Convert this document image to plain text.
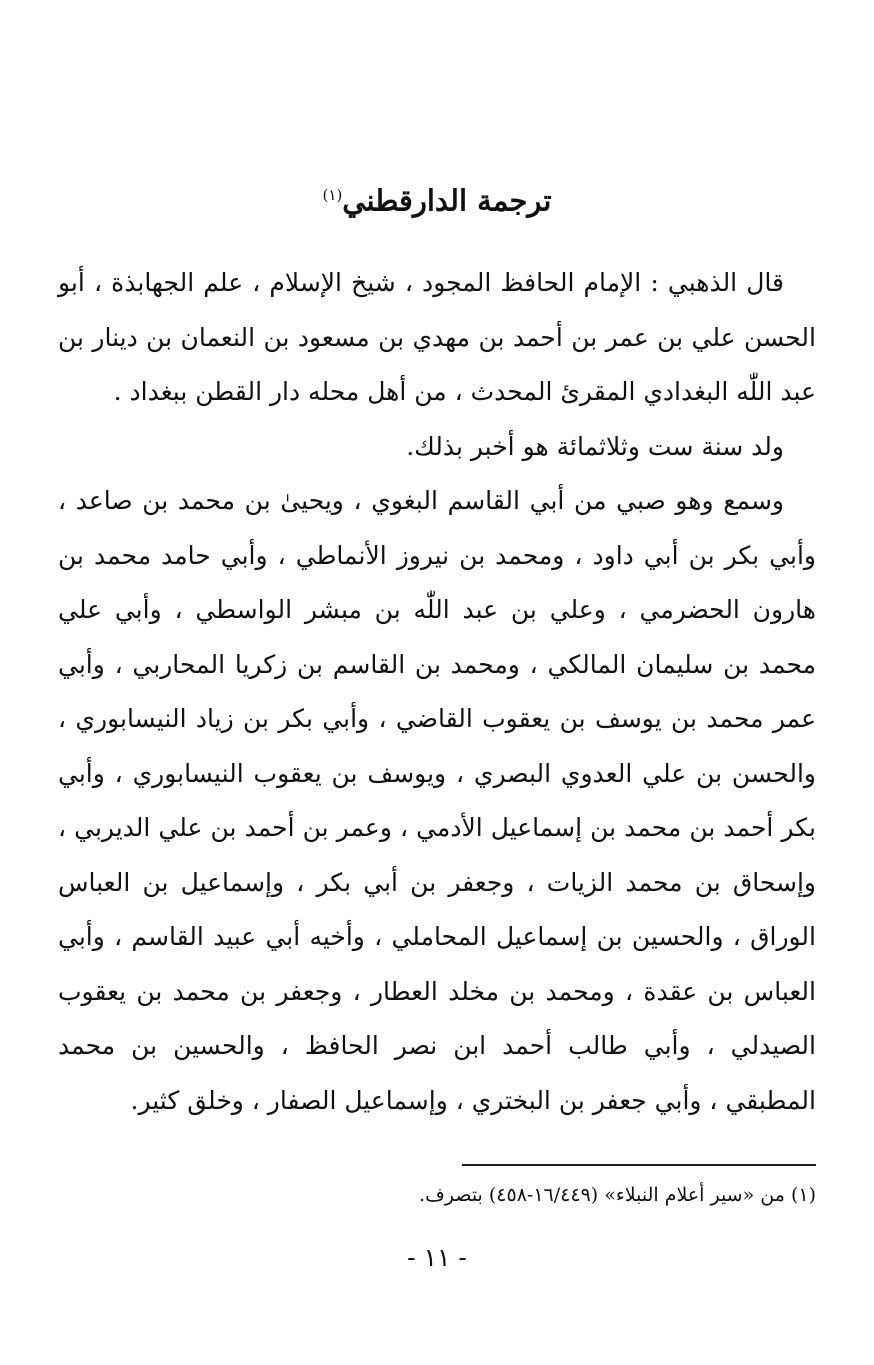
ترجمة الدارقطني$^{(١)}$

قال الذهبي : الإمام الحافظ المجود ، شيخ الإسلام ، علم الجهابذة ، أبو الحسن علي بن عمر بن أحمد بن مهدي بن مسعود بن النعمان بن دينار بن عبد اللّٰه البغدادي المقرئ المحدث ، من أهل محله دار القطن ببغداد .

ولد سنة ست وثلاثمائة هو أخبر بذلك.

وسمع وهو صبي من أبي القاسم البغوي ، ويحيىٰ بن محمد بن صاعد ، وأبي بكر بن أبي داود ، ومحمد بن نيروز الأنماطي ، وأبي حامد محمد بن هارون الحضرمي ، وعلي بن عبد اللّٰه بن مبشر الواسطي ، وأبي علي محمد بن سليمان المالكي ، ومحمد بن القاسم بن زكريا المحاربي ، وأبي عمر محمد بن يوسف بن يعقوب القاضي ، وأبي بكر بن زياد النيسابوري ، والحسن بن علي العدوي البصري ، ويوسف بن يعقوب النيسابوري ، وأبي بكر أحمد بن محمد بن إسماعيل الأدمي ، وعمر بن أحمد بن علي الديربي ، وإسحاق بن محمد الزيات ، وجعفر بن أبي بكر ، وإسماعيل بن العباس الوراق ، والحسين بن إسماعيل المحاملي ، وأخيه أبي عبيد القاسم ، وأبي العباس بن عقدة ، ومحمد بن مخلد العطار ، وجعفر بن محمد بن يعقوب الصيدلي ، وأبي طالب أحمد ابن نصر الحافظ ، والحسين بن محمد المطبقي ، وأبي جعفر بن البختري ، وإسماعيل الصفار ، وخلق كثير.

(١) من «سير أعلام النبلاء» (١٦/٤٤٩-٤٥٨) بتصرف.
- ١١ -
